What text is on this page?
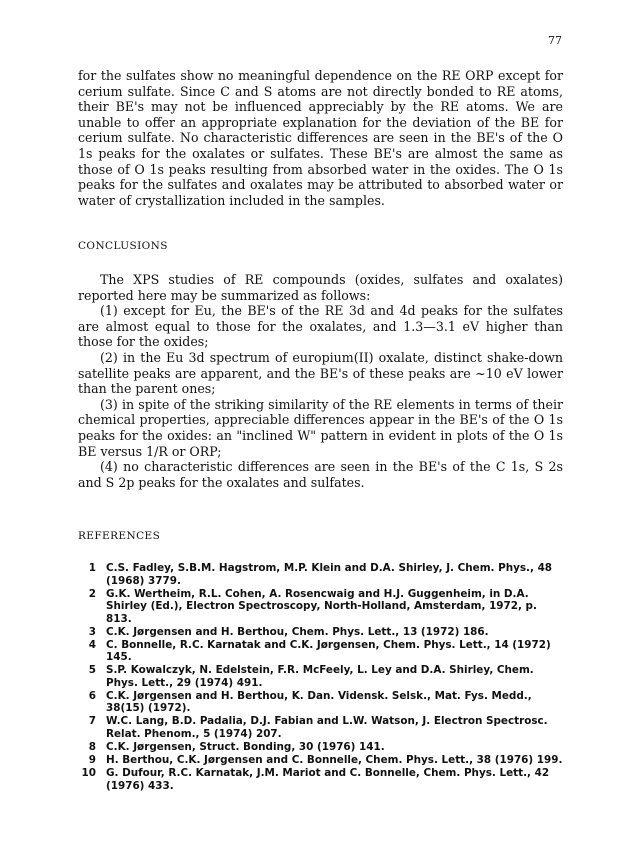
77

for the sulfates show no meaningful dependence on the RE ORP except for cerium sulfate. Since C and S atoms are not directly bonded to RE atoms, their BE's may not be influenced appreciably by the RE atoms. We are unable to offer an appropriate explanation for the deviation of the BE for cerium sulfate. No characteristic differences are seen in the BE's of the O 1s peaks for the oxalates or sulfates. These BE's are almost the same as those of O 1s peaks resulting from absorbed water in the oxides. The O 1s peaks for the sulfates and oxalates may be attributed to absorbed water or water of crystallization included in the samples.

CONCLUSIONS

The XPS studies of RE compounds (oxides, sulfates and oxalates) reported here may be summarized as follows:

(1) except for Eu, the BE's of the RE 3d and 4d peaks for the sulfates are almost equal to those for the oxalates, and 1.3—3.1 eV higher than those for the oxides;

(2) in the Eu 3d spectrum of europium(II) oxalate, distinct shake-down satellite peaks are apparent, and the BE's of these peaks are ~10 eV lower than the parent ones;

(3) in spite of the striking similarity of the RE elements in terms of their chemical properties, appreciable differences appear in the BE's of the O 1s peaks for the oxides: an "inclined W" pattern in evident in plots of the O 1s BE versus 1/R or ORP;

(4) no characteristic differences are seen in the BE's of the C 1s, S 2s and S 2p peaks for the oxalates and sulfates.

REFERENCES
1 C.S. Fadley, S.B.M. Hagstrom, M.P. Klein and D.A. Shirley, J. Chem. Phys., 48 (1968) 3779.
2 G.K. Wertheim, R.L. Cohen, A. Rosencwaig and H.J. Guggenheim, in D.A. Shirley (Ed.), Electron Spectroscopy, North-Holland, Amsterdam, 1972, p. 813.
3 C.K. Jørgensen and H. Berthou, Chem. Phys. Lett., 13 (1972) 186.
4 C. Bonnelle, R.C. Karnatak and C.K. Jørgensen, Chem. Phys. Lett., 14 (1972) 145.
5 S.P. Kowalczyk, N. Edelstein, F.R. McFeely, L. Ley and D.A. Shirley, Chem. Phys. Lett., 29 (1974) 491.
6 C.K. Jørgensen and H. Berthou, K. Dan. Vidensk. Selsk., Mat. Fys. Medd., 38(15) (1972).
7 W.C. Lang, B.D. Padalia, D.J. Fabian and L.W. Watson, J. Electron Spectrosc. Relat. Phenom., 5 (1974) 207.
8 C.K. Jørgensen, Struct. Bonding, 30 (1976) 141.
9 H. Berthou, C.K. Jørgensen and C. Bonnelle, Chem. Phys. Lett., 38 (1976) 199.
10 G. Dufour, R.C. Karnatak, J.M. Mariot and C. Bonnelle, Chem. Phys. Lett., 42 (1976) 433.
